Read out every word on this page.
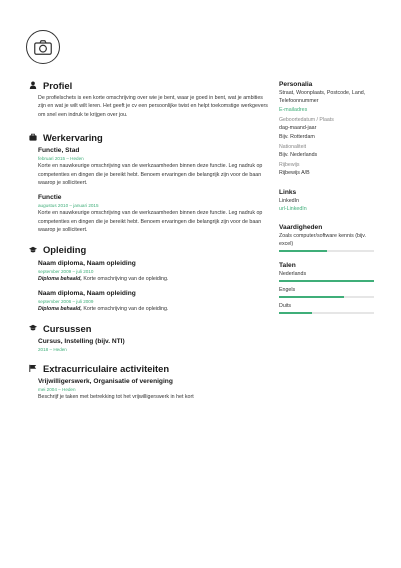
Profiel
De profielschets is een korte omschrijving over wie je bent, waar je goed in bent, wat je ambities zijn en wat je wilt wilt leren. Het geeft je cv een persoonlijke twist en helpt toekomstige werkgevers om snel een indruk te krijgen over jou.
Werkervaring
Functie, Stad
februari 2015 – Heden
Korte en nauwkeurige omschrijving van de werkzaamheden binnen deze functie. Leg nadruk op competenties en dingen die je bereikt hebt. Benoem ervaringen die belangrijk zijn voor de baan waarop je solliciteert.
Functie
augustus 2010 – januari 2015
Korte en nauwkeurige omschrijving van de werkzaamheden binnen deze functie. Leg nadruk op competenties en dingen die je bereikt hebt. Benoem ervaringen die belangrijk zijn voor de baan waarop je solliciteert.
Opleiding
Naam diploma, Naam opleiding
september 2009 – juli 2010
Diploma behaald, Korte omschrijving van de opleiding.
Naam diploma, Naam opleiding
september 2006 – juli 2009
Diploma behaald, Korte omschrijving van de opleiding.
Cursussen
Cursus, Instelling (bijv. NTI)
2018 – Heden
Extracurriculaire activiteiten
Vrijwilligerswerk, Organisatie of vereniging
mei 2004 – Heden
Beschrijf je taken met betrekking tot het vrijwilligerswerk in het kort
Personalia
Straat, Woonplaats, Postcode, Land, Telefoonnummer
E-mailadres
Geboortedatum / Plaats
dag-maand-jaar
Bijv. Rotterdam
Nationaliteit
Bijv. Nederlands
Rijbewijs
Rijbewijs A/B
Links
LinkedIn
url-LinkedIn
Vaardigheden
Zoals computer/software kennis (bijv. excel)
Talen
Nederlands
Engels
Duits
